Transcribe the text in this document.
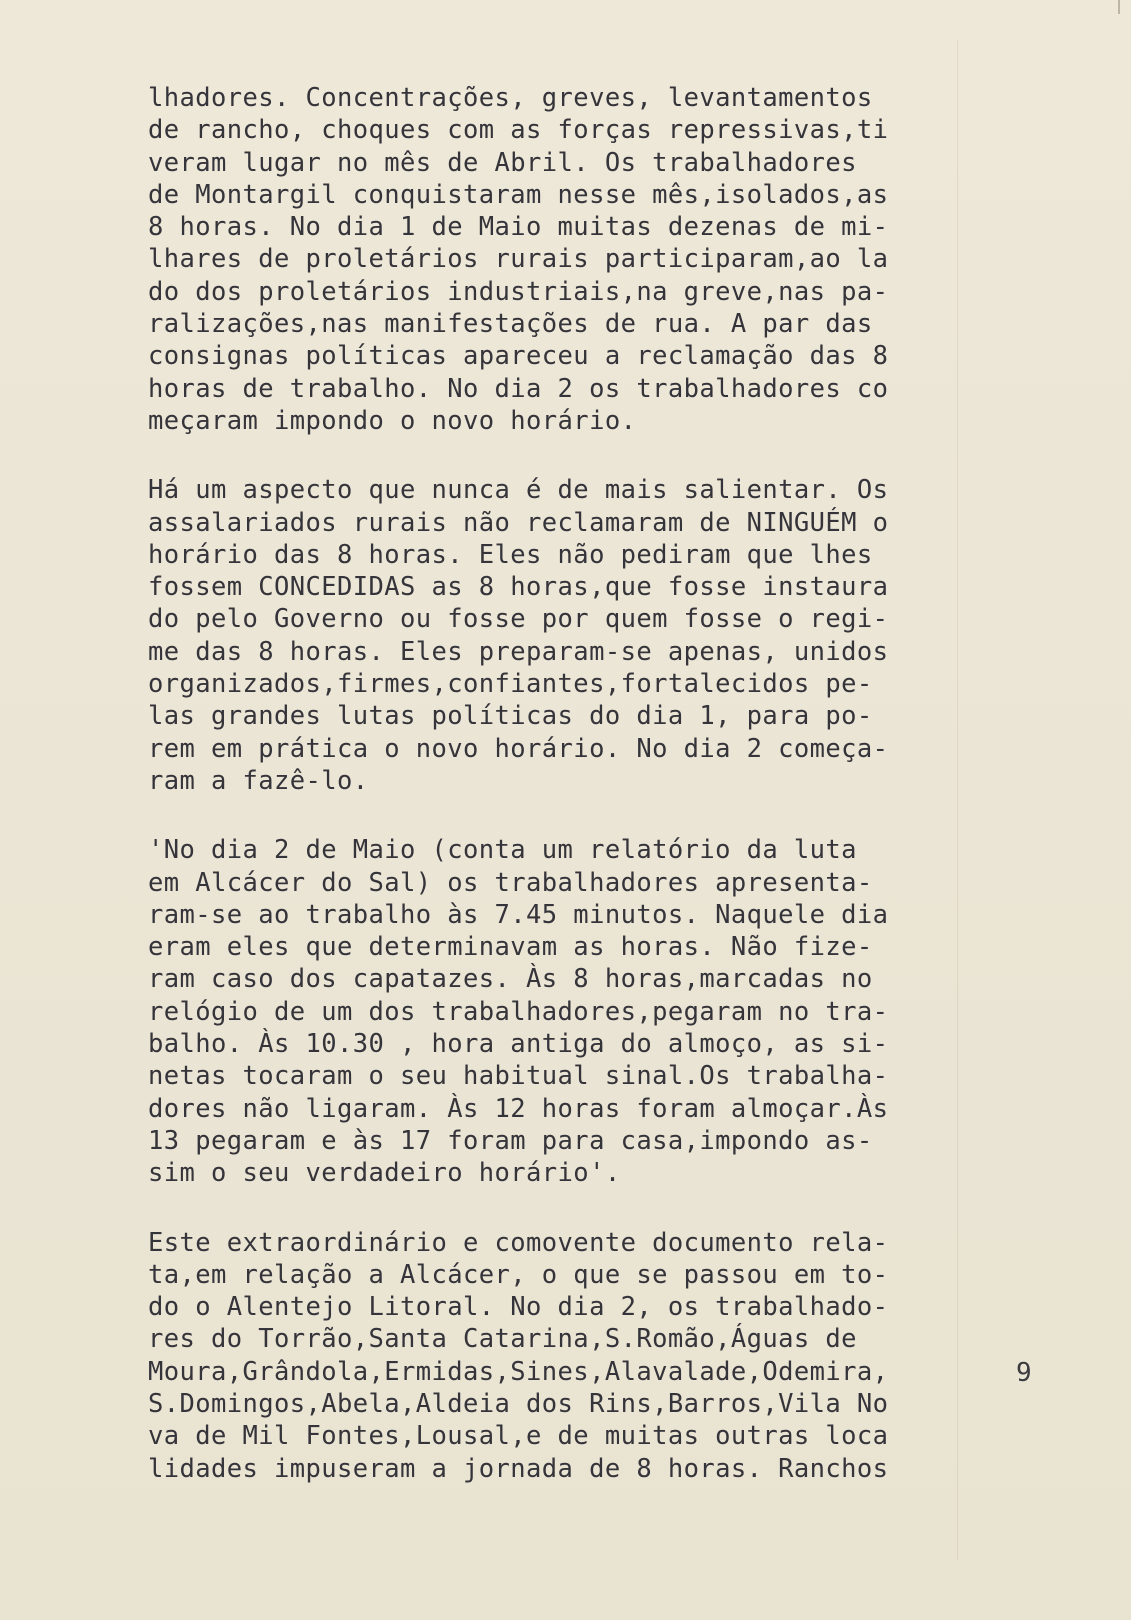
lhadores. Concentrações, greves, levantamentos
de rancho, choques com as forças repressivas,ti
veram lugar no mês de Abril. Os trabalhadores
de Montargil conquistaram nesse mês,isolados,as
8 horas. No dia 1 de Maio muitas dezenas de mi-
lhares de proletários rurais participaram,ao la
do dos proletários industriais,na greve,nas pa-
ralizações,nas manifestações de rua. A par das
consignas políticas apareceu a reclamação das 8
horas de trabalho. No dia 2 os trabalhadores co
meçaram impondo o novo horário.
Há um aspecto que nunca é de mais salientar. Os
assalariados rurais não reclamaram de NINGUÉM o
horário das 8 horas. Eles não pediram que lhes
fossem CONCEDIDAS as 8 horas,que fosse instaura
do pelo Governo ou fosse por quem fosse o regi-
me das 8 horas. Eles preparam-se apenas, unidos
organizados,firmes,confiantes,fortalecidos pe-
las grandes lutas políticas do dia 1, para po-
rem em prática o novo horário. No dia 2 começa-
ram a fazê-lo.
'No dia 2 de Maio (conta um relatório da luta
em Alcácer do Sal) os trabalhadores apresenta-
ram-se ao trabalho às 7.45 minutos. Naquele dia
eram eles que determinavam as horas. Não fize-
ram caso dos capatazes. Às 8 horas,marcadas no
relógio de um dos trabalhadores,pegaram no tra-
balho. Às 10.30 , hora antiga do almoço, as si-
netas tocaram o seu habitual sinal.Os trabalha-
dores não ligaram. Às 12 horas foram almoçar.Às
13 pegaram e às 17 foram para casa,impondo as-
sim o seu verdadeiro horário'.
Este extraordinário e comovente documento rela-
ta,em relação a Alcácer, o que se passou em to-
do o Alentejo Litoral. No dia 2, os trabalhado-
res do Torrão,Santa Catarina,S.Romão,Águas de
Moura,Grândola,Ermidas,Sines,Alavalade,Odemira,
S.Domingos,Abela,Aldeia dos Rins,Barros,Vila No
va de Mil Fontes,Lousal,e de muitas outras loca
lidades impuseram a jornada de 8 horas. Ranchos
9
